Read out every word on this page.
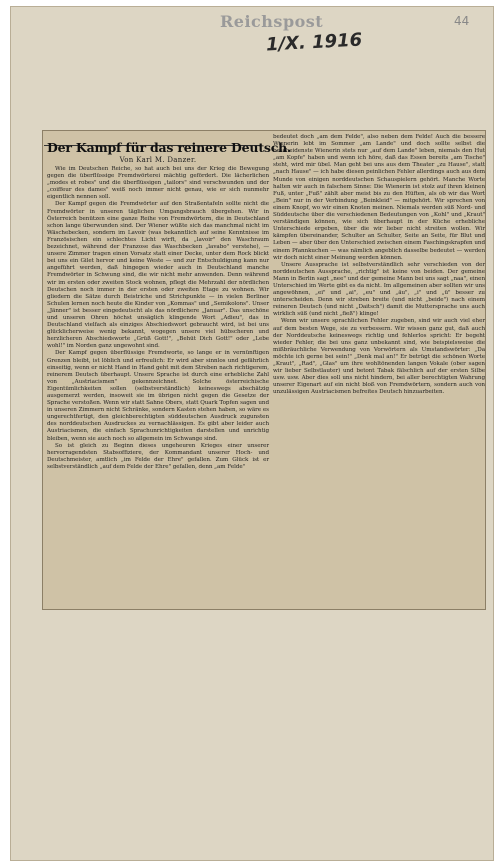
Reichspost
1/X. 1916
44
Der Kampf für das reinere Deutsch.
Von Karl M. Danzer.

Wie im Deutschen Reiche, so hat auch bei uns der Krieg die Bewegung gegen die überflüssige Fremdwörterei mächtig gefördert. Die lächerlichen „modes et robes" und die überflüssigen „tailors" sind verschwunden und der „coiffeur des dames" weiß noch immer nicht genau, wie er sich nunmehr eigentlich nennen soll.

Der Kampf gegen die Fremdwörter auf den Straßentafeln sollte nicht die Fremdwörter in unseren täglichen Umgangsbrauch übergehen. Wir in Österreich benützen eine ganze Reihe von Fremdwörtern, die in Deutschland schon lange überwunden sind. Der Wiener wüßte sich das manchmal nicht im Wäschebecken, sondern im Lavoir (was bekanntlich auf seine Kenntnisse im Französischen ein schlechtes Licht wirft, da „lavoir" den Waschraum bezeichnet, während der Franzose das Waschbecken „lavabo" verstehe), — unsere Zimmer tragen einen Vorsatz statt einer Decke, unter dem Rock blickt bei uns ein Gilet hervor und keine Weste — und zur Entschuldigung kann nur angeführt werden, daß hingegen wieder auch in Deutschland manche Fremdwörter in Schwung sind, die wir nicht mehr anwenden. Denn während wir im ersten oder zweiten Stock wohnen, pflegt die Mehrzahl der nördlichen Deutschen noch immer in der ersten oder zweiten Etage zu wohnen. Wir gliedern die Sätze durch Beistriche und Strichpunkte — in vielen Berliner Schulen lernen noch heute die Kinder von „Kommas" und „Semikolons". Unser „Jänner" ist besser eingedeutscht als das nördlichere „Januar". Das unschöne und unseren Ohren höchst unsäglich klingende Wort „Adieu", das in Deutschland vielfach als einziges Abschiedswort gebraucht wird, ist bei uns glücklicherweise wenig bekannt, wogegen unsere viel hübscheren und herzlicheren Abschiedsworte „Grüß Gott!", „Behüt Dich Gott!" oder „Lebe wohl!" im Norden ganz ungewohnt sind.

Der Kampf gegen überflüssige Fremdworte, so lange er in vernünftigen Grenzen bleibt, ist löblich und erfreulich: Er wird aber sinnlos und gefährlich einseitig, wenn er nicht Hand in Hand geht mit dem Streben nach richtigerem, reinerem Deutsch überhaupt. Unsere Sprache ist durch eine erhebliche Zahl von „Austriacismen" gekennzeichnet. Solche österreichische Eigentümlichkeiten sollen (selbstverständlich) keineswegs abschätzig ausgemerzt werden, insoweit sie im übrigen nicht gegen die Gesetze der Sprache verstoßen. Wenn wir statt Sahne Obers, statt Quark Topfen sagen und in unseren Zimmern nicht Schränke, sondern Kasten stehen haben, so wäre es ungerechtfertigt, den gleichberechtigten süddeutschen Ausdruck zugunsten des norddeutschen Ausdruckes zu vernachlässigen. Es gibt aber leider auch Austriacismen, die einfach Sprachunrichtigkeiten darstellen und unrichtig bleiben, wenn sie auch noch so allgemein im Schwange sind.

So ist gleich zu Beginn dieses ungeheuren Krieges einer unserer hervorragendsten Stabsoffiziere, der Kommandant unserer Hoch- und Deutschmeister, amtlich „im Felde der Ehre" gefallen. Zum Glück ist er selbstverständlich „auf dem Felde der Ehre" gefallen, denn „am Felde"

bedeutet doch „am dem Felde", also neben dem Felde! Auch die bessere Wienerin lebt im Sommer „am Lande" und doch sollte selbst die bescheidenste Wienerin stets nur „auf dem Lande" leben, niemals den Hut „am Kopfe" haben und wenn ich höre, daß das Essen bereits „am Tische" steht, wird mir übel. Man geht bei uns aus dem Theater „zu Hause", statt „nach Hause" — ich habe diesen peinlichen Fehler allerdings auch aus dem Munde von einigen norddeutschen Schauspielern gehört. Manche Worte halten wir auch in falschem Sinne: Die Wienerin ist stolz auf ihren kleinen Fuß, unter „Fuß" zählt aber meist bis zu den Hüften, als ob wir das Wort „Bein" nur in der Verbindung „Beinkleid" — mitgehört. Wir sprechen von einem Knopf, wo wir einen Knoten meinen. Niemals werden süß Nord- und Süddeutsche über die verschiedenen Bedeutungen von „Kohl" und „Kraut" verständigen können, wie sich überhaupt in der Küche erhebliche Unterschiede ergeben, über die wir lieber nicht streiten wollen. Wir kämpfen übereinander, Schulter an Schulter, Seite an Seite, für Blut und Leben — aber über den Unterschied zwischen einem Faschingskrapfen und einem Pfannkuchen — was nämlich angeblich dasselbe bedeutet — werden wir doch nicht einer Meinung werden können.

Unsere Aussprache ist selbstverständlich sehr verschieden von der norddeutschen Aussprache, „richtig" ist keine von beiden. Der gemeine Mann in Berlin sagt „nee" und der gemeine Mann bei uns sagt „naa", einen Unterschied im Werte gibt es da nicht. Im allgemeinen aber sollten wir uns angewöhnen, „ei" und „ai", „eu" und „äu", „i" und „ü" besser zu unterscheiden. Denn wir streben breite (und nicht „beide") nach einem reineren Deutsch (und nicht „Daitsch") damit die Muttersprache uns auch wirklich süß (und nicht „fieß") klinge!

Wenn wir unsere sprachlichen Fehler zugeben, sind wir auch viel eher auf dem besten Wege, sie zu verbessern. Wir wissen ganz gut, daß auch der Norddeutsche keineswegs richtig und fehlerlos spricht: Er begeht wieder Fehler, die bei uns ganz unbekannt sind, wie beispielsweise die mißbräuchliche Verwendung von Vorwörtern als Umstandswörter: „Da möchte ich gerne bei sein!" „Denk mal an!" Er betrügt die schönen Worte „Kraut", „Rad", „Glas" um ihre wohltönenden langen Vokale (ober sagen wir lieber Selbstlauter) und betont Tabak fälschlich auf der ersten Silbe usw. usw. Aber dies soll uns nicht hindern, bei aller berechtigten Wahrung unserer Eigenart auf ein nicht bloß von Fremdwörtern, sondern auch von unzulässigen Austriacismen befreites Deutsch hinzuarbeiten.
